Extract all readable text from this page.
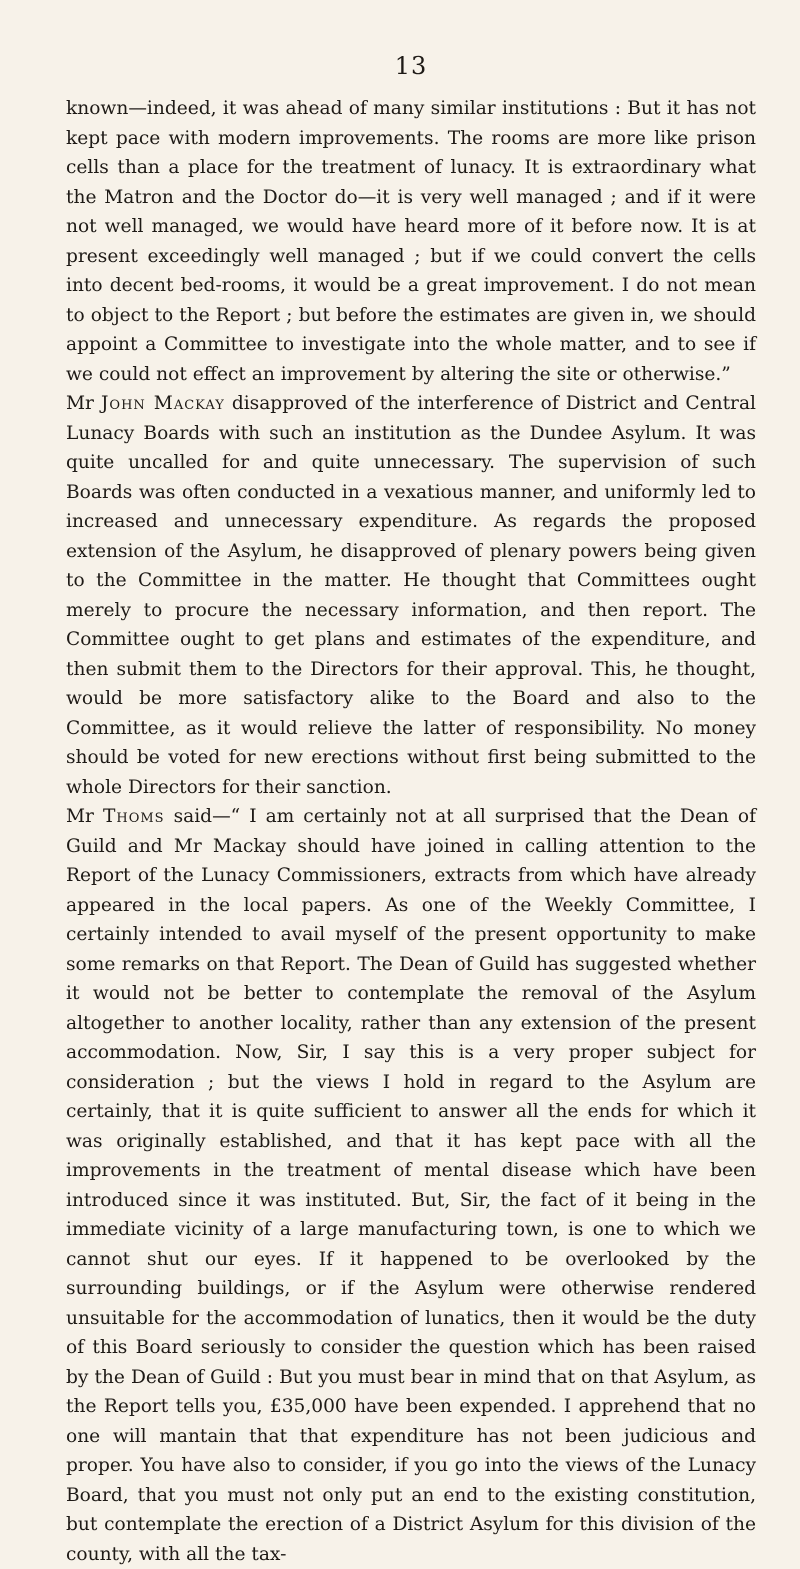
13

known—indeed, it was ahead of many similar institutions : But it has not kept pace with modern improvements. The rooms are more like prison cells than a place for the treatment of lunacy. It is extraordinary what the Matron and the Doctor do—it is very well managed ; and if it were not well managed, we would have heard more of it before now. It is at present exceedingly well managed ; but if we could convert the cells into decent bed-rooms, it would be a great improvement. I do not mean to object to the Report ; but before the estimates are given in, we should appoint a Committee to investigate into the whole matter, and to see if we could not effect an improvement by altering the site or otherwise.”

Mr John Mackay disapproved of the interference of District and Central Lunacy Boards with such an institution as the Dundee Asylum. It was quite uncalled for and quite unnecessary. The supervision of such Boards was often conducted in a vexatious manner, and uniformly led to increased and unnecessary expenditure. As regards the proposed extension of the Asylum, he disapproved of plenary powers being given to the Committee in the matter. He thought that Committees ought merely to procure the necessary information, and then report. The Committee ought to get plans and estimates of the expenditure, and then submit them to the Directors for their approval. This, he thought, would be more satisfactory alike to the Board and also to the Committee, as it would relieve the latter of responsibility. No money should be voted for new erections without first being submitted to the whole Directors for their sanction.

Mr Thoms said—“ I am certainly not at all surprised that the Dean of Guild and Mr Mackay should have joined in calling attention to the Report of the Lunacy Commissioners, extracts from which have already appeared in the local papers. As one of the Weekly Committee, I certainly intended to avail myself of the present opportunity to make some remarks on that Report. The Dean of Guild has suggested whether it would not be better to contemplate the removal of the Asylum altogether to another locality, rather than any extension of the present accommodation. Now, Sir, I say this is a very proper subject for consideration ; but the views I hold in regard to the Asylum are certainly, that it is quite sufficient to answer all the ends for which it was originally established, and that it has kept pace with all the improvements in the treatment of mental disease which have been introduced since it was instituted. But, Sir, the fact of it being in the immediate vicinity of a large manufacturing town, is one to which we cannot shut our eyes. If it happened to be overlooked by the surrounding buildings, or if the Asylum were otherwise rendered unsuitable for the accommodation of lunatics, then it would be the duty of this Board seriously to consider the question which has been raised by the Dean of Guild : But you must bear in mind that on that Asylum, as the Report tells you, £35,000 have been expended. I apprehend that no one will mantain that that expenditure has not been judicious and proper. You have also to consider, if you go into the views of the Lunacy Board, that you must not only put an end to the existing constitution, but contemplate the erection of a District Asylum for this division of the county, with all the tax-
